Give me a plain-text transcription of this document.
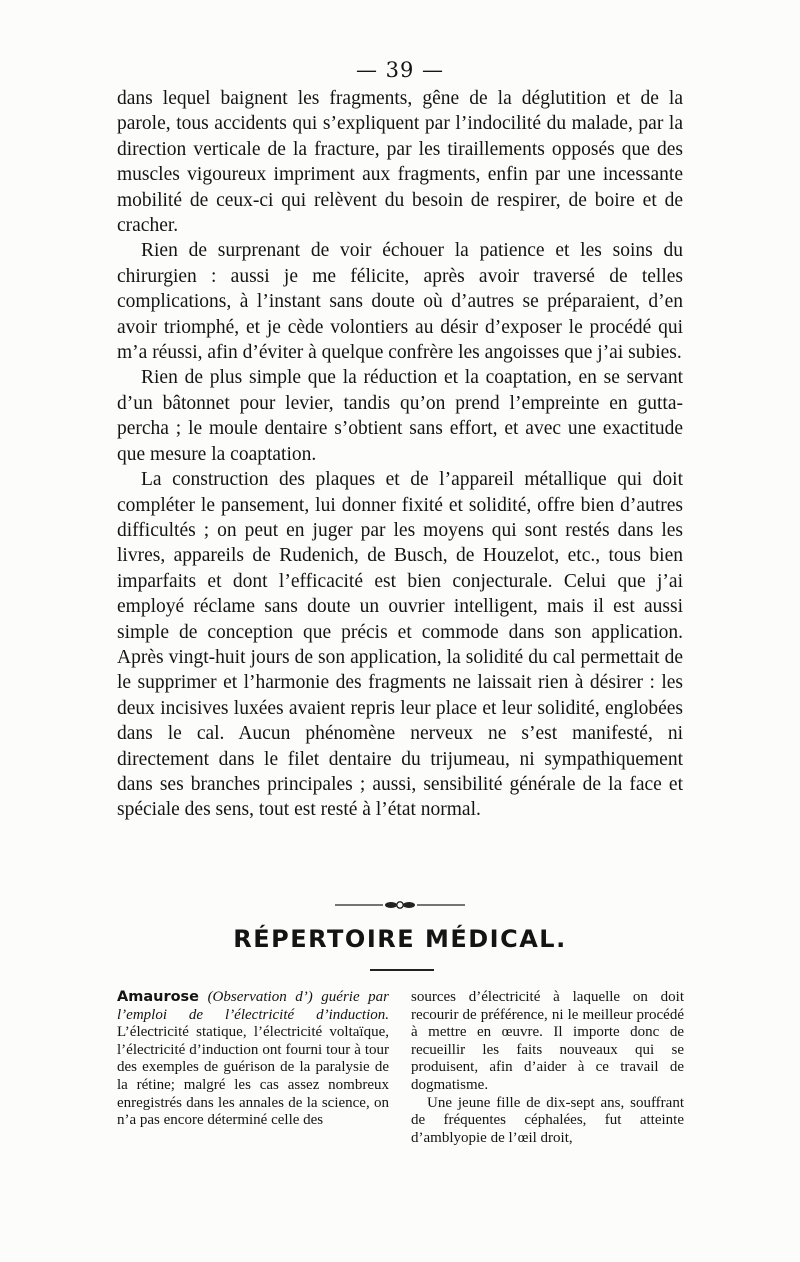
— 39 —

dans lequel baignent les fragments, gêne de la déglutition et de la parole, tous accidents qui s’expliquent par l’indocilité du malade, par la direction verticale de la fracture, par les tiraillements opposés que des muscles vigoureux impriment aux fragments, enfin par une incessante mobilité de ceux-ci qui relèvent du besoin de respirer, de boire et de cracher.

Rien de surprenant de voir échouer la patience et les soins du chirurgien : aussi je me félicite, après avoir traversé de telles complications, à l’instant sans doute où d’autres se préparaient, d’en avoir triomphé, et je cède volontiers au désir d’exposer le procédé qui m’a réussi, afin d’éviter à quelque confrère les angoisses que j’ai subies.

Rien de plus simple que la réduction et la coaptation, en se servant d’un bâtonnet pour levier, tandis qu’on prend l’empreinte en gutta-percha ; le moule dentaire s’obtient sans effort, et avec une exactitude que mesure la coaptation.

La construction des plaques et de l’appareil métallique qui doit compléter le pansement, lui donner fixité et solidité, offre bien d’autres difficultés ; on peut en juger par les moyens qui sont restés dans les livres, appareils de Rudenich, de Busch, de Houzelot, etc., tous bien imparfaits et dont l’efficacité est bien conjecturale. Celui que j’ai employé réclame sans doute un ouvrier intelligent, mais il est aussi simple de conception que précis et commode dans son application. Après vingt-huit jours de son application, la solidité du cal permettait de le supprimer et l’harmonie des fragments ne laissait rien à désirer : les deux incisives luxées avaient repris leur place et leur solidité, englobées dans le cal. Aucun phénomène nerveux ne s’est manifesté, ni directement dans le filet dentaire du trijumeau, ni sympathiquement dans ses branches principales ; aussi, sensibilité générale de la face et spéciale des sens, tout est resté à l’état normal.

RÉPERTOIRE MÉDICAL.

Amaurose (Observation d’) guérie par l’emploi de l’électricité d’induction. L’électricité statique, l’électricité voltaïque, l’électricité d’induction ont fourni tour à tour des exemples de guérison de la paralysie de la rétine; malgré les cas assez nombreux enregistrés dans les annales de la science, on n’a pas encore déterminé celle des

sources d’électricité à laquelle on doit recourir de préférence, ni le meilleur procédé à mettre en œuvre. Il importe donc de recueillir les faits nouveaux qui se produisent, afin d’aider à ce travail de dogmatisme.

Une jeune fille de dix-sept ans, souffrant de fréquentes céphalées, fut atteinte d’amblyopie de l’œil droit,
